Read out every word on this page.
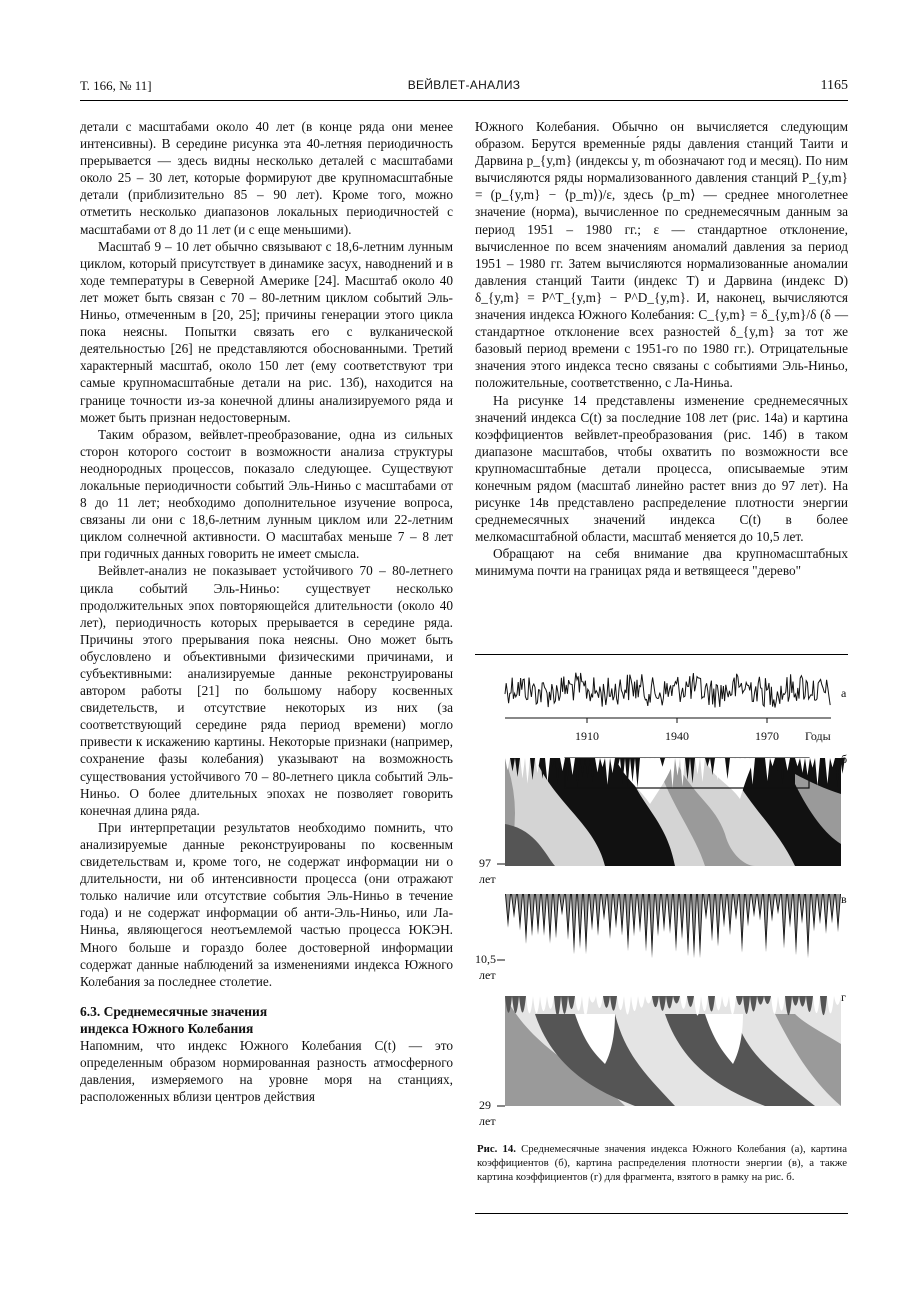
Т. 166, № 11]	ВЕЙВЛЕТ-АНАЛИЗ	1165

детали с масштабами около 40 лет (в конце ряда они менее интенсивны). В середине рисунка эта 40-летняя периодичность прерывается — здесь видны несколько деталей с масштабами около 25 – 30 лет, которые формируют две крупномасштабные детали (приблизительно 85 – 90 лет). Кроме того, можно отметить несколько диапазонов локальных периодичностей с масштабами от 8 до 11 лет (и с еще меньшими).

Масштаб 9 – 10 лет обычно связывают с 18,6-летним лунным циклом, который присутствует в динамике засух, наводнений и в ходе температуры в Северной Америке [24]. Масштаб около 40 лет может быть связан с 70 – 80-летним циклом событий Эль-Ниньо, отмеченным в [20, 25]; причины генерации этого цикла пока неясны. Попытки связать его с вулканической деятельностью [26] не представляются обоснованными. Третий характерный масштаб, около 150 лет (ему соответствуют три самые крупномасштабные детали на рис. 13б), находится на границе точности из-за конечной длины анализируемого ряда и может быть признан недостоверным.

Таким образом, вейвлет-преобразование, одна из сильных сторон которого состоит в возможности анализа структуры неоднородных процессов, показало следующее. Существуют локальные периодичности событий Эль-Ниньо с масштабами от 8 до 11 лет; необходимо дополнительное изучение вопроса, связаны ли они с 18,6-летним лунным циклом или 22-летним циклом солнечной активности. О масштабах меньше 7 – 8 лет при годичных данных говорить не имеет смысла.

Вейвлет-анализ не показывает устойчивого 70 – 80-летнего цикла событий Эль-Ниньо: существует несколько продолжительных эпох повторяющейся длительности (около 40 лет), периодичность которых прерывается в середине ряда. Причины этого прерывания пока неясны. Оно может быть обусловлено и объективными физическими причинами, и субъективными: анализируемые данные реконструированы автором работы [21] по большому набору косвенных свидетельств, и отсутствие некоторых из них (за соответствующий середине ряда период времени) могло привести к искажению картины. Некоторые признаки (например, сохранение фазы колебания) указывают на возможность существования устойчивого 70 – 80-летнего цикла событий Эль-Ниньо. О более длительных эпохах не позволяет говорить конечная длина ряда.

При интерпретации результатов необходимо помнить, что анализируемые данные реконструированы по косвенным свидетельствам и, кроме того, не содержат информации ни о длительности, ни об интенсивности процесса (они отражают только наличие или отсутствие события Эль-Ниньо в течение года) и не содержат информации об анти-Эль-Ниньо, или Ла-Ниньа, являющегося неотъемлемой частью процесса ЮКЭН. Много больше и гораздо более достоверной информации содержат данные наблюдений за изменениями индекса Южного Колебания за последнее столетие.

6.3. Среднемесячные значения
индекса Южного Колебания

Напомним, что индекс Южного Колебания C(t) — это определенным образом нормированная разность атмосферного давления, измеряемого на уровне моря на станциях, расположенных вблизи центров действия

Южного Колебания. Обычно он вычисляется следующим образом. Берутся временны́е ряды давления станций Таити и Дарвина p_{y,m} (индексы y, m обозначают год и месяц). По ним вычисляются ряды нормализованного давления станций P_{y,m} = (p_{y,m} − ⟨p_m⟩)/ε, здесь ⟨p_m⟩ — среднее многолетнее значение (норма), вычисленное по среднемесячным данным за период 1951 – 1980 гг.; ε — стандартное отклонение, вычисленное по всем значениям аномалий давления за период 1951 – 1980 гг. Затем вычисляются нормализованные аномалии давления станций Таити (индекс T) и Дарвина (индекс D) δ_{y,m} = P^T_{y,m} − P^D_{y,m}. И, наконец, вычисляются значения индекса Южного Колебания: C_{y,m} = δ_{y,m}/δ (δ — стандартное отклонение всех разностей δ_{y,m} за тот же базовый период времени с 1951-го по 1980 гг.). Отрицательные значения этого индекса тесно связаны с событиями Эль-Ниньо, положительные, соответственно, с Ла-Ниньа.

На рисунке 14 представлены изменение среднемесячных значений индекса C(t) за последние 108 лет (рис. 14а) и картина коэффициентов вейвлет-преобразования (рис. 14б) в таком диапазоне масштабов, чтобы охватить по возможности все крупномасштабные детали процесса, описываемые этим конечным рядом (масштаб линейно растет вниз до 97 лет). На рисунке 14в представлено распределение плотности энергии среднемесячных значений индекса C(t) в более мелкомасштабной области, масштаб меняется до 10,5 лет.

Обращают на себя внимание два крупномасштабных минимума почти на границах ряда и ветвящееся "дерево"

а
б
в
г
1910	1940	1970 Годы
97
лет
10,5
лет
29
лет
Рис. 14. Среднемесячные значения индекса Южного Колебания (а), картина коэффициентов (б), картина распределения плотности энергии (в), а также картина коэффициентов (г) для фрагмента, взятого в рамку на рис. б.
